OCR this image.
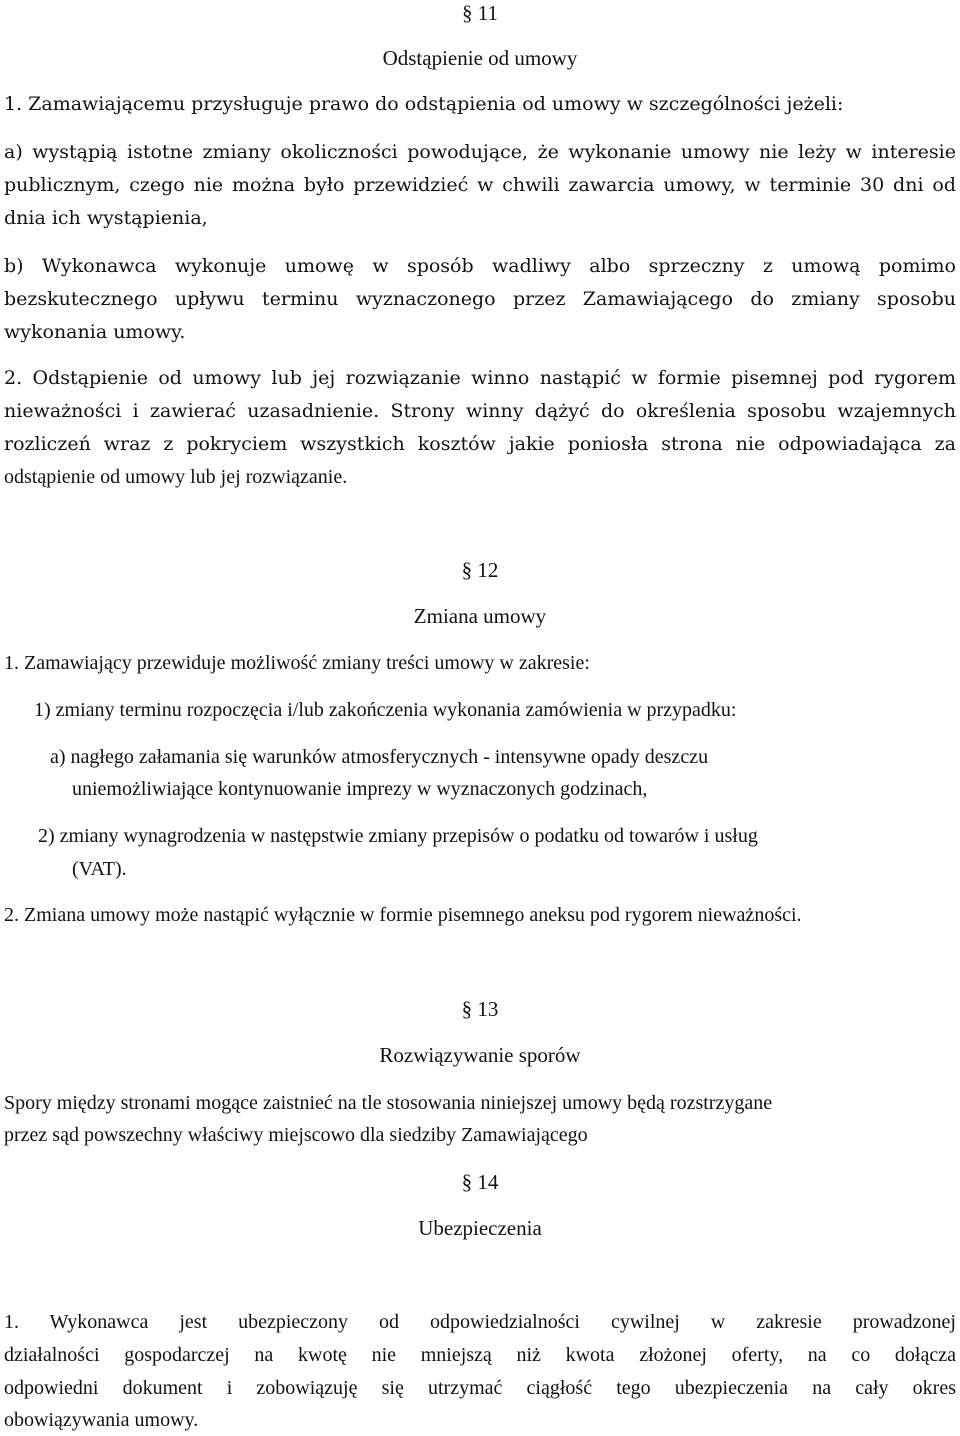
§ 11
Odstąpienie od umowy
1. Zamawiającemu przysługuje prawo do odstąpienia od umowy w szczególności jeżeli:
a) wystąpią istotne zmiany okoliczności powodujące, że wykonanie umowy nie leży w interesie
publicznym, czego nie można było przewidzieć w chwili zawarcia umowy, w terminie 30 dni od
dnia ich wystąpienia,
b) Wykonawca wykonuje umowę w sposób wadliwy albo sprzeczny z umową pomimo
bezskutecznego upływu terminu wyznaczonego przez Zamawiającego do zmiany sposobu
wykonania umowy.
2. Odstąpienie od umowy lub jej rozwiązanie winno nastąpić w formie pisemnej pod rygorem
nieważności i zawierać uzasadnienie. Strony winny dążyć do określenia sposobu wzajemnych
rozliczeń wraz z pokryciem wszystkich kosztów jakie poniosła strona nie odpowiadająca za
odstąpienie od umowy lub jej rozwiązanie.
§ 12
Zmiana umowy
1. Zamawiający przewiduje możliwość zmiany treści umowy w zakresie:
1) zmiany terminu rozpoczęcia i/lub zakończenia wykonania zamówienia w przypadku:
a) nagłego załamania się warunków atmosferycznych - intensywne opady deszczu
uniemożliwiające kontynuowanie imprezy w wyznaczonych godzinach,
2) zmiany wynagrodzenia w następstwie zmiany przepisów o podatku od towarów i usług
(VAT).
2. Zmiana umowy może nastąpić wyłącznie w formie pisemnego aneksu pod rygorem nieważności.
§ 13
Rozwiązywanie sporów
Spory między stronami mogące zaistnieć na tle stosowania niniejszej umowy będą rozstrzygane
przez sąd powszechny właściwy miejscowo dla siedziby Zamawiającego
§ 14
Ubezpieczenia
1. Wykonawca jest ubezpieczony od odpowiedzialności cywilnej w zakresie prowadzonej
działalności gospodarczej na kwotę nie mniejszą niż kwota złożonej oferty, na co dołącza
odpowiedni dokument i zobowiązuję się utrzymać ciągłość tego ubezpieczenia na cały okres
obowiązywania umowy.
